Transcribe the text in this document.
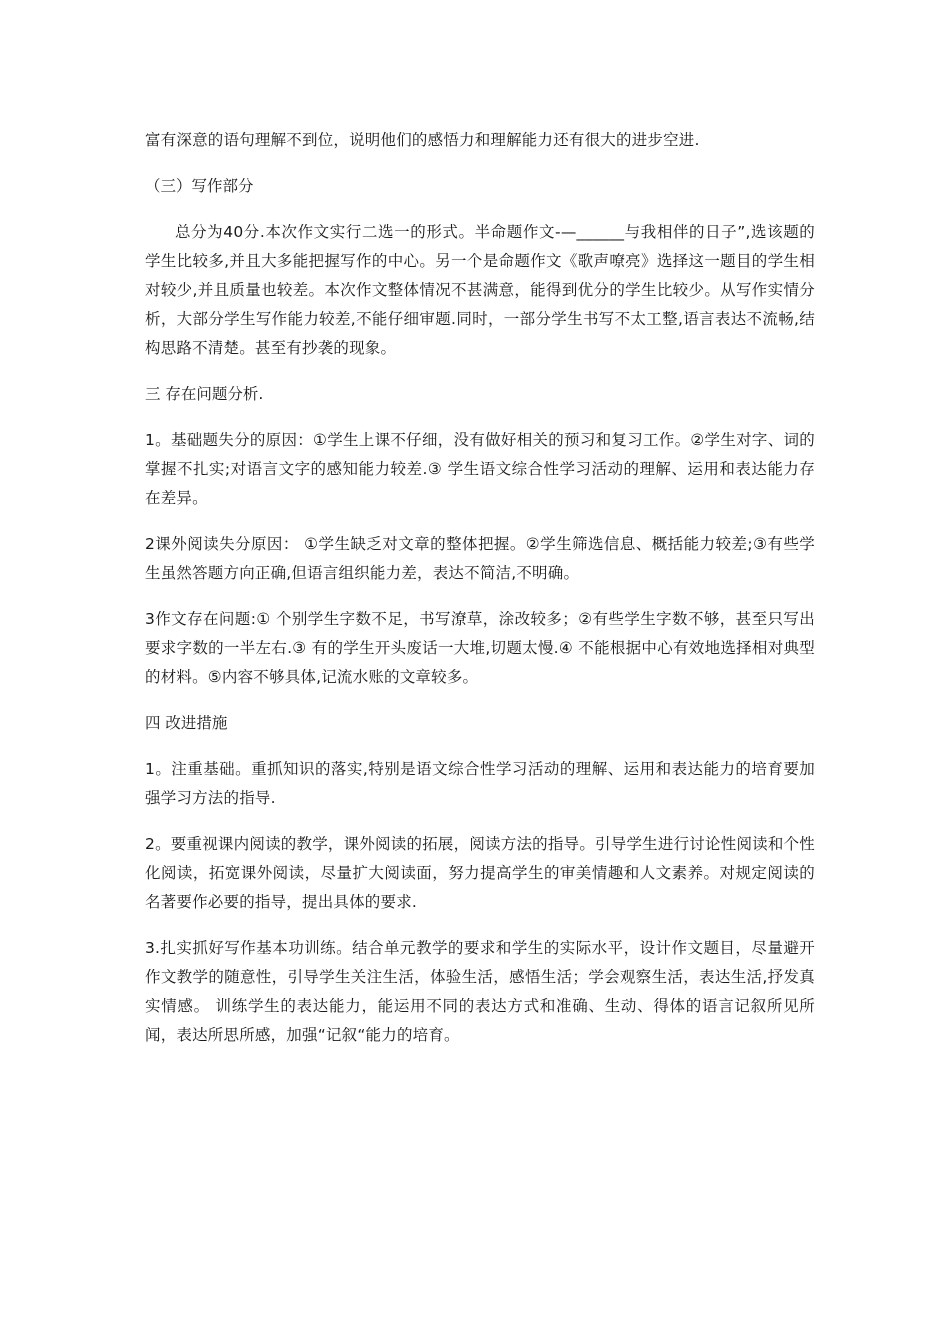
富有深意的语句理解不到位，说明他们的感悟力和理解能力还有很大的进步空进.

（三）写作部分

总分为40分.本次作文实行二选一的形式。半命题作文-—______与我相伴的日子”,选该题的学生比较多,并且大多能把握写作的中心。另一个是命题作文《歌声嘹亮》选择这一题目的学生相对较少,并且质量也较差。本次作文整体情况不甚满意，能得到优分的学生比较少。从写作实情分析，大部分学生写作能力较差,不能仔细审题.同时，一部分学生书写不太工整,语言表达不流畅,结构思路不清楚。甚至有抄袭的现象。

三 存在问题分析.

1。基础题失分的原因：①学生上课不仔细，没有做好相关的预习和复习工作。②学生对字、词的掌握不扎实;对语言文字的感知能力较差.③ 学生语文综合性学习活动的理解、运用和表达能力存在差异。

2课外阅读失分原因： ①学生缺乏对文章的整体把握。②学生筛选信息、概括能力较差;③有些学生虽然答题方向正确,但语言组织能力差，表达不简洁,不明确。

3作文存在问题:① 个别学生字数不足，书写潦草，涂改较多；②有些学生字数不够，甚至只写出要求字数的一半左右.③ 有的学生开头废话一大堆,切题太慢.④ 不能根据中心有效地选择相对典型的材料。⑤内容不够具体,记流水账的文章较多。

四 改进措施

1。注重基础。重抓知识的落实,特别是语文综合性学习活动的理解、运用和表达能力的培育要加强学习方法的指导.

2。要重视课内阅读的教学，课外阅读的拓展，阅读方法的指导。引导学生进行讨论性阅读和个性化阅读，拓宽课外阅读，尽量扩大阅读面，努力提高学生的审美情趣和人文素养。对规定阅读的名著要作必要的指导，提出具体的要求.

3.扎实抓好写作基本功训练。结合单元教学的要求和学生的实际水平，设计作文题目，尽量避开作文教学的随意性，引导学生关注生活，体验生活，感悟生活；学会观察生活，表达生活,抒发真实情感。 训练学生的表达能力，能运用不同的表达方式和准确、生动、得体的语言记叙所见所闻，表达所思所感，加强“记叙“能力的培育。
